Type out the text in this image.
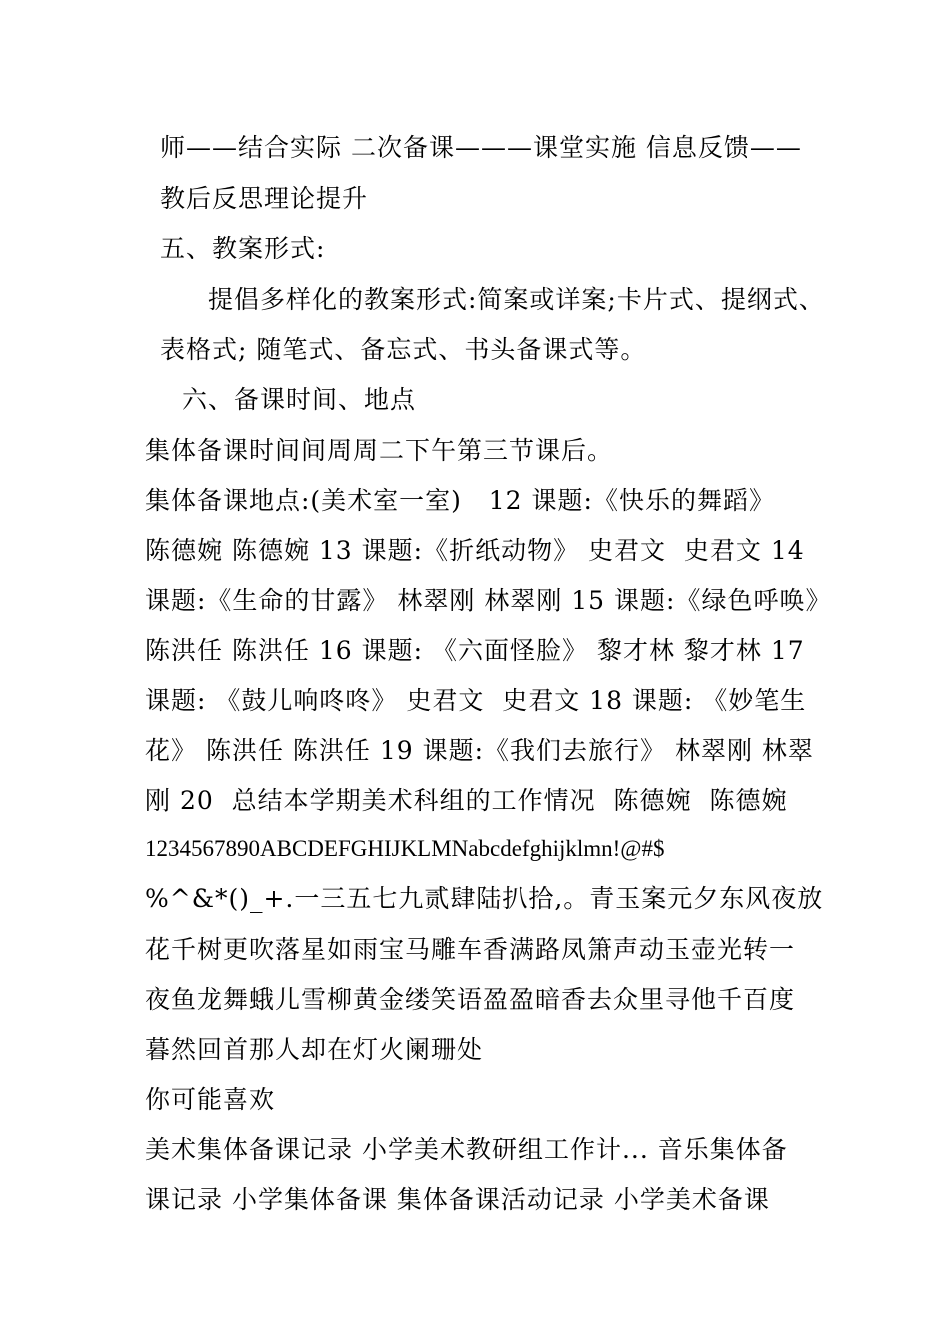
师——结合实际 二次备课———课堂实施 信息反馈——

教后反思理论提升

五、教案形式:

提倡多样化的教案形式:简案或详案;卡片式、提纲式、

表格式; 随笔式、备忘式、书头备课式等。

六、备课时间、地点

集体备课时间间周周二下午第三节课后。

集体备课地点:(美术室一室)   12 课题:《快乐的舞蹈》

陈德婉 陈德婉 13 课题:《折纸动物》 史君文  史君文 14

课题:《生命的甘露》 林翠刚 林翠刚 15 课题:《绿色呼唤》

陈洪任 陈洪任 16 课题: 《六面怪脸》 黎才林 黎才林 17

课题: 《鼓儿响咚咚》 史君文  史君文 18 课题: 《妙笔生

花》 陈洪任 陈洪任 19 课题:《我们去旅行》 林翠刚 林翠

刚 20  总结本学期美术科组的工作情况  陈德婉  陈德婉

1234567890ABCDEFGHIJKLMNabcdefghijklmn!@#$

%^&*()_+.一三五七九贰肆陆扒拾,。青玉案元夕东风夜放

花千树更吹落星如雨宝马雕车香满路凤箫声动玉壶光转一

夜鱼龙舞蛾儿雪柳黄金缕笑语盈盈暗香去众里寻他千百度

暮然回首那人却在灯火阑珊处

你可能喜欢

美术集体备课记录 小学美术教研组工作计... 音乐集体备

课记录 小学集体备课 集体备课活动记录 小学美术备课
